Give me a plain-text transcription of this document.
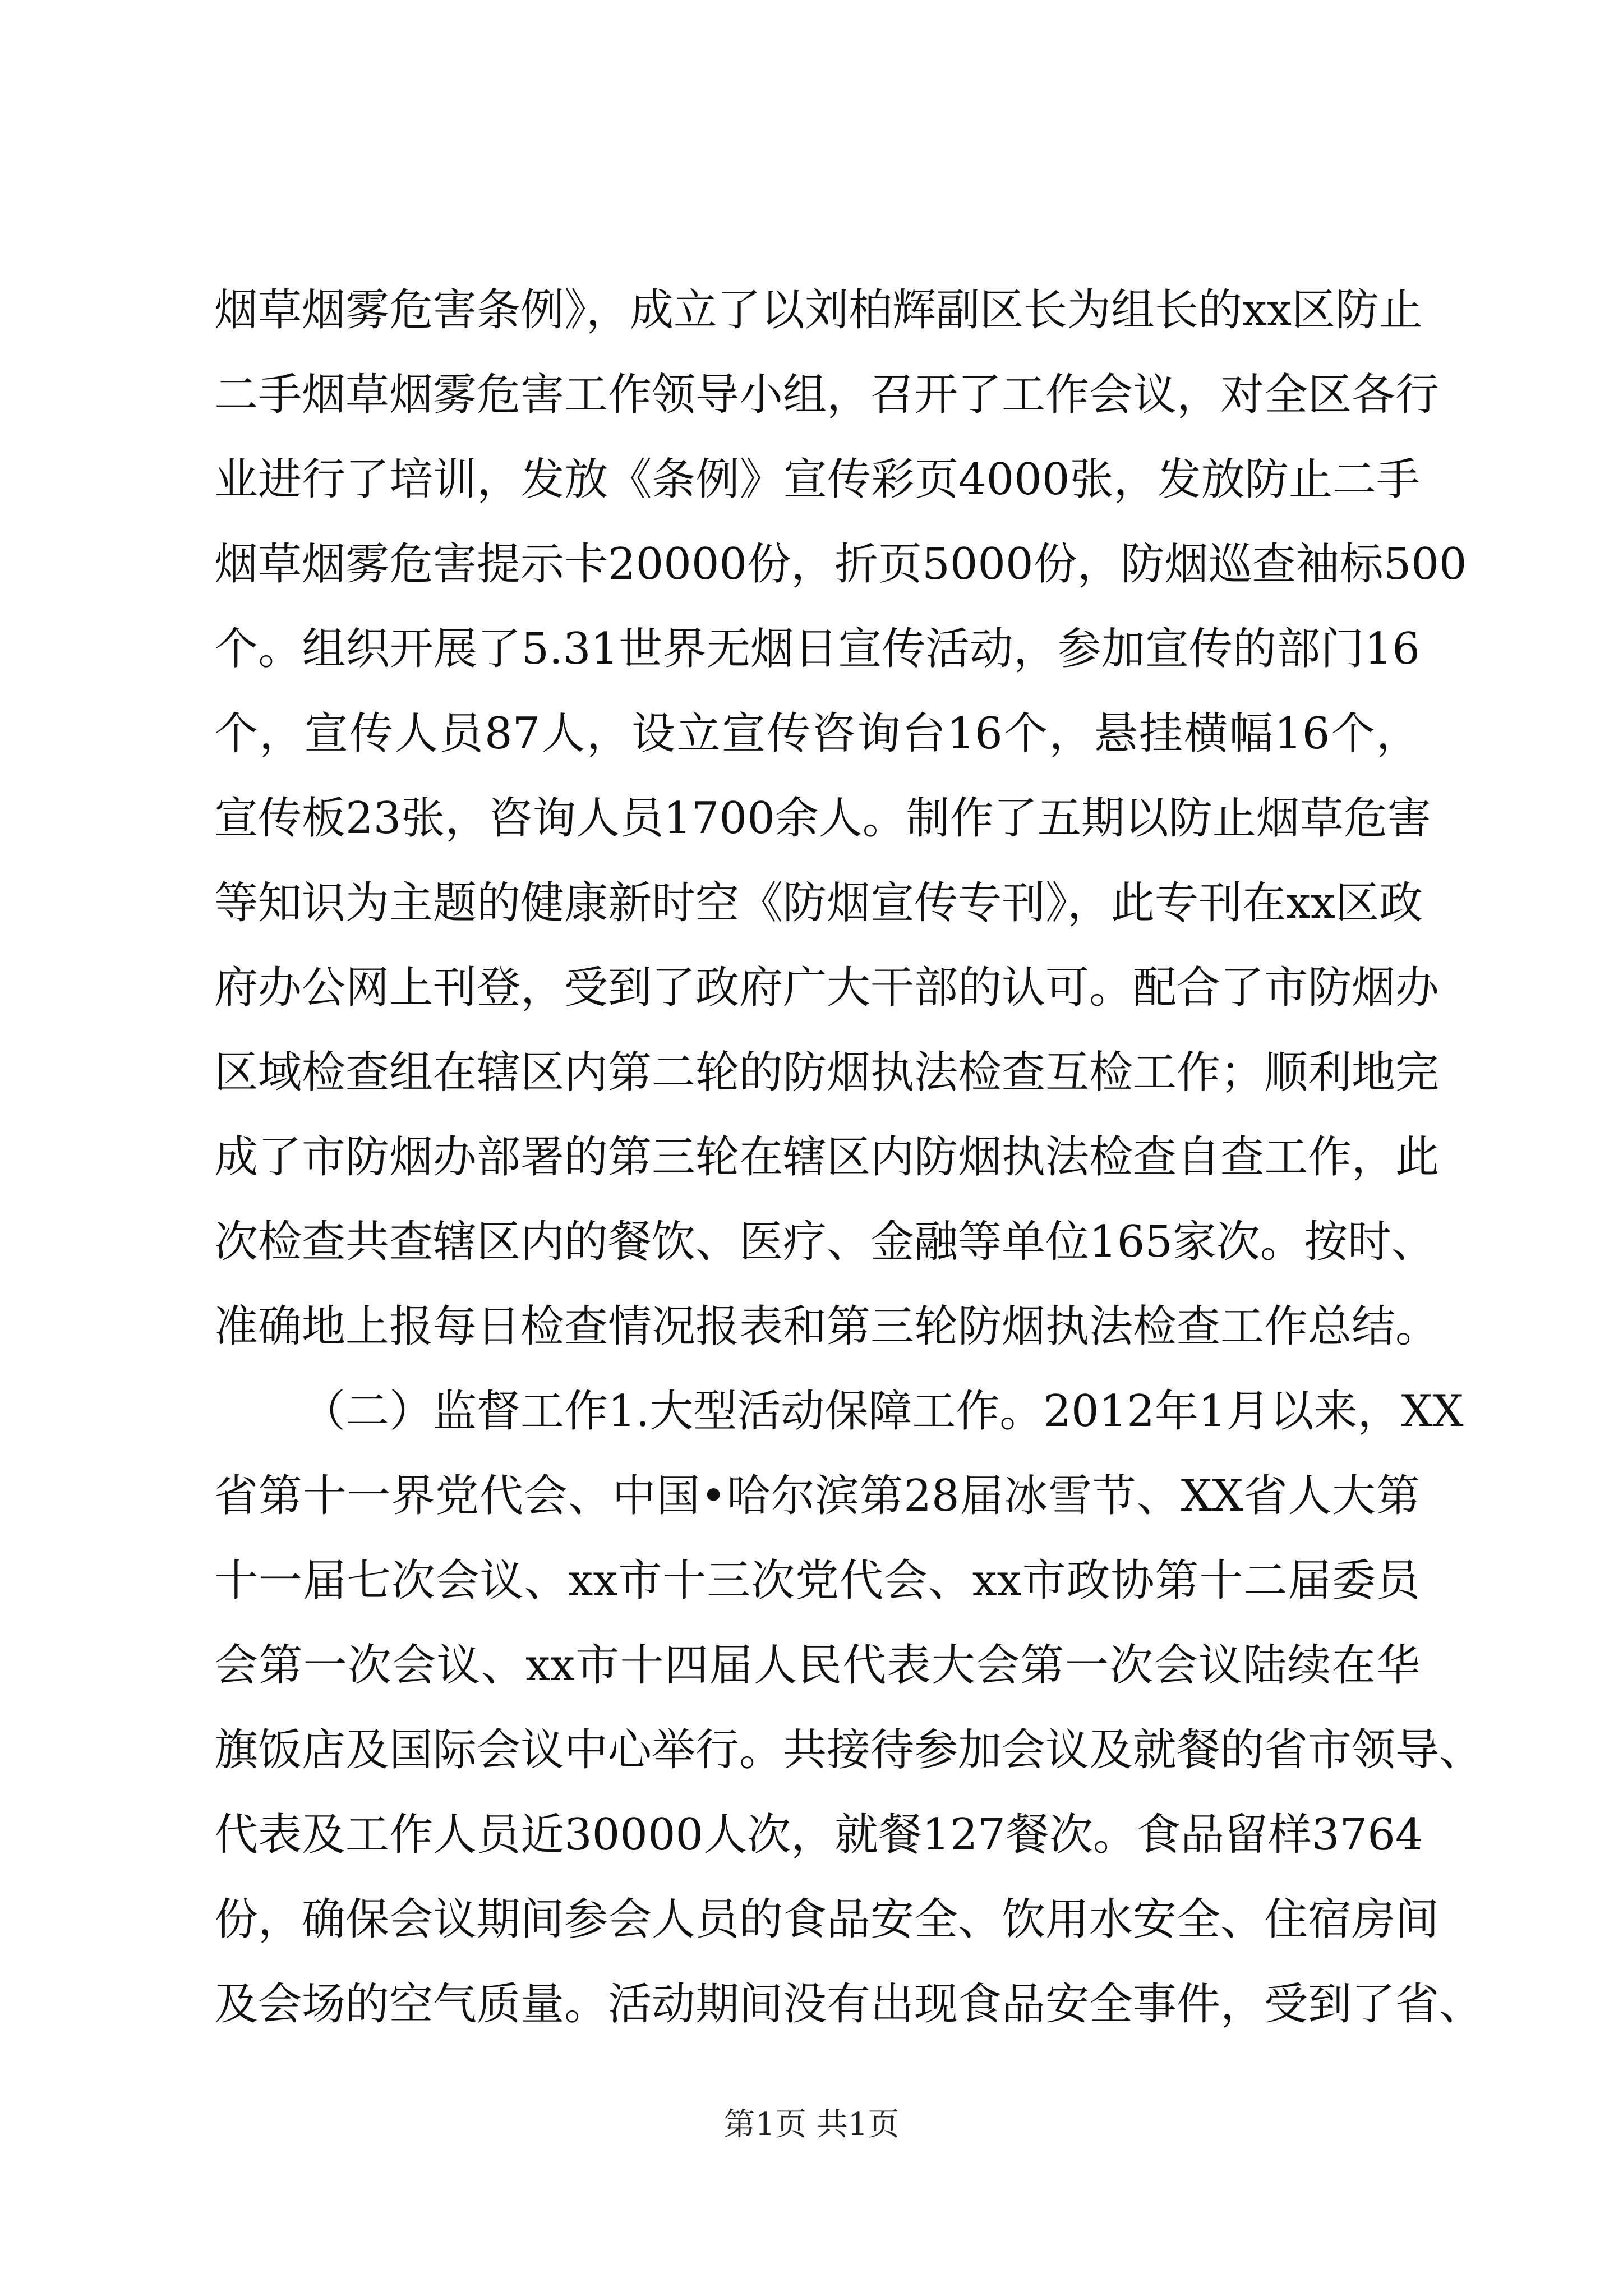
烟草烟雾危害条例》，成立了以刘柏辉副区长为组长的xx区防止
二手烟草烟雾危害工作领导小组，召开了工作会议，对全区各行
业进行了培训，发放《条例》宣传彩页4000张，发放防止二手
烟草烟雾危害提示卡20000份，折页5000份，防烟巡查袖标500
个。组织开展了5.31世界无烟日宣传活动，参加宣传的部门16
个，宣传人员87人，设立宣传咨询台16个，悬挂横幅16个，
宣传板23张，咨询人员1700余人。制作了五期以防止烟草危害
等知识为主题的健康新时空《防烟宣传专刊》，此专刊在xx区政
府办公网上刊登，受到了政府广大干部的认可。配合了市防烟办
区域检查组在辖区内第二轮的防烟执法检查互检工作；顺利地完
成了市防烟办部署的第三轮在辖区内防烟执法检查自查工作，此
次检查共查辖区内的餐饮、医疗、金融等单位165家次。按时、
准确地上报每日检查情况报表和第三轮防烟执法检查工作总结。
（二）监督工作1.大型活动保障工作。2012年1月以来，XX
省第十一界党代会、中国•哈尔滨第28届冰雪节、XX省人大第
十一届七次会议、xx市十三次党代会、xx市政协第十二届委员
会第一次会议、xx市十四届人民代表大会第一次会议陆续在华
旗饭店及国际会议中心举行。共接待参加会议及就餐的省市领导、
代表及工作人员近30000人次，就餐127餐次。食品留样3764
份，确保会议期间参会人员的食品安全、饮用水安全、住宿房间
及会场的空气质量。活动期间没有出现食品安全事件，受到了省、
第1页 共1页
